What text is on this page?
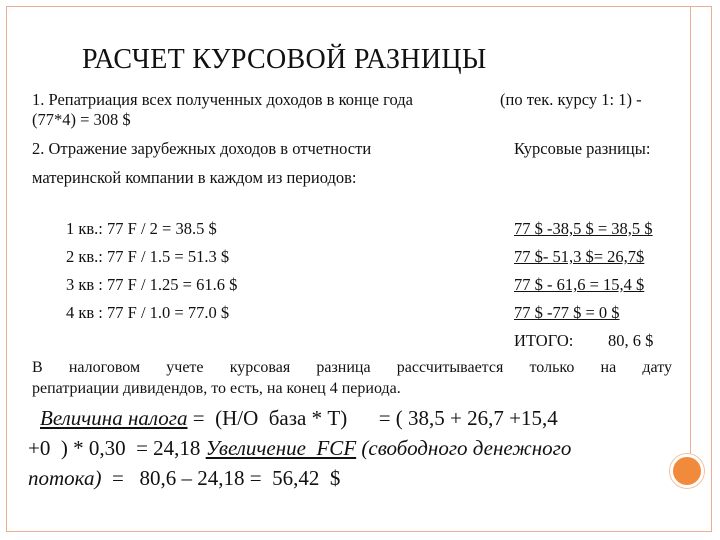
РАСЧЕТ КУРСОВОЙ РАЗНИЦЫ
1. Репатриация всех полученных доходов в конце года	(по тек. курсу 1: 1) -
(77*4) = 308 $
2. Отражение зарубежных доходов в отчетности	Курсовые разницы:
материнской компании в каждом из периодов:
1 кв.: 77 F / 2 = 38.5 $	77 $ -38,5 $ = 38,5 $
2 кв.: 77 F / 1.5 = 51.3 $	77 $- 51,3 $= 26,7$
3 кв : 77 F / 1.25 = 61.6 $	77 $ - 61,6 = 15,4 $
4 кв : 77 F / 1.0 = 77.0 $	77 $ -77 $ = 0 $
ИТОГО: 80, 6 $
В налоговом учете курсовая разница рассчитывается только на дату
репатриации дивидендов, то есть, на конец 4 периода.
Величина налога =  (Н/О  база * Т)      = ( 38,5 + 26,7 +15,4
+0  ) * 0,30  = 24,18 Увеличение  FCF (свободного денежного
потока)  =   80,6 – 24,18 =  56,42  $
